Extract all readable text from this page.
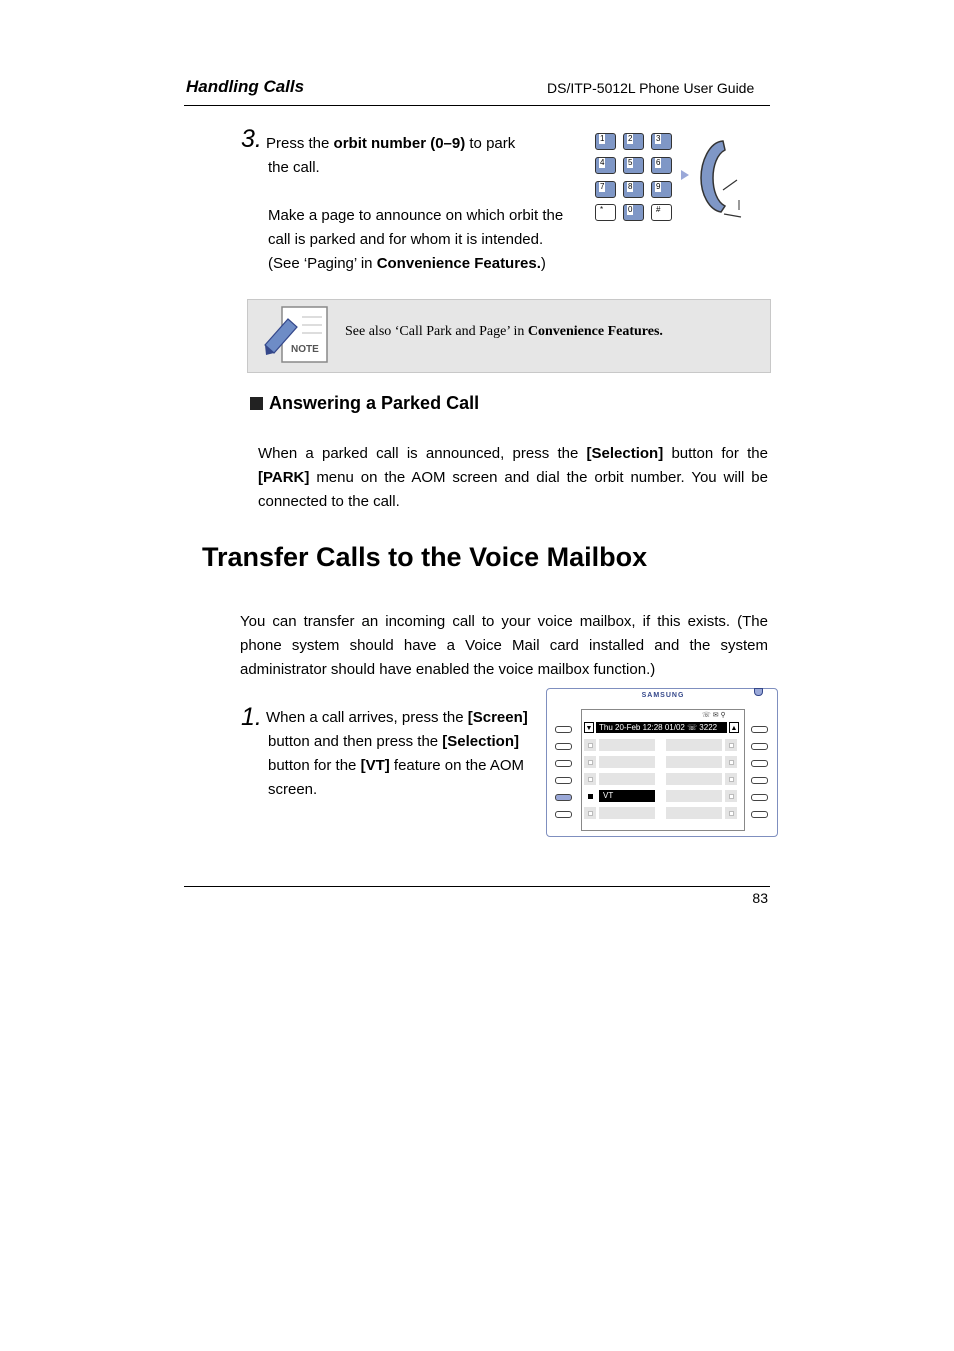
Handling Calls	DS/ITP-5012L Phone User Guide
3. Press the orbit number (0–9) to park
the call.
Make a page to announce on which orbit the
call is parked and for whom it is intended.
(See ‘Paging’ in Convenience Features.)
1	2	3
4	5	6
7	8	9
*	0	#
NOTE
See also ‘Call Park and Page’ in Convenience Features.
Answering a Parked Call
When a parked call is announced, press the [Selection] button for the [PARK] menu on the AOM screen and dial the orbit number. You will be connected to the call.
Transfer Calls to the Voice Mailbox
You can transfer an incoming call to your voice mailbox, if this exists. (The phone system should have a Voice Mail card installed and the system administrator should have enabled the voice mailbox function.)
1. When a call arrives, press the [Screen]
button and then press the [Selection]
button for the [VT] feature on the AOM
screen.
SAMSUNG
☏ ✉ ⚲
▼ Thu 20-Feb 12:28 01/02 ☏ 3222	▲
VT
83
